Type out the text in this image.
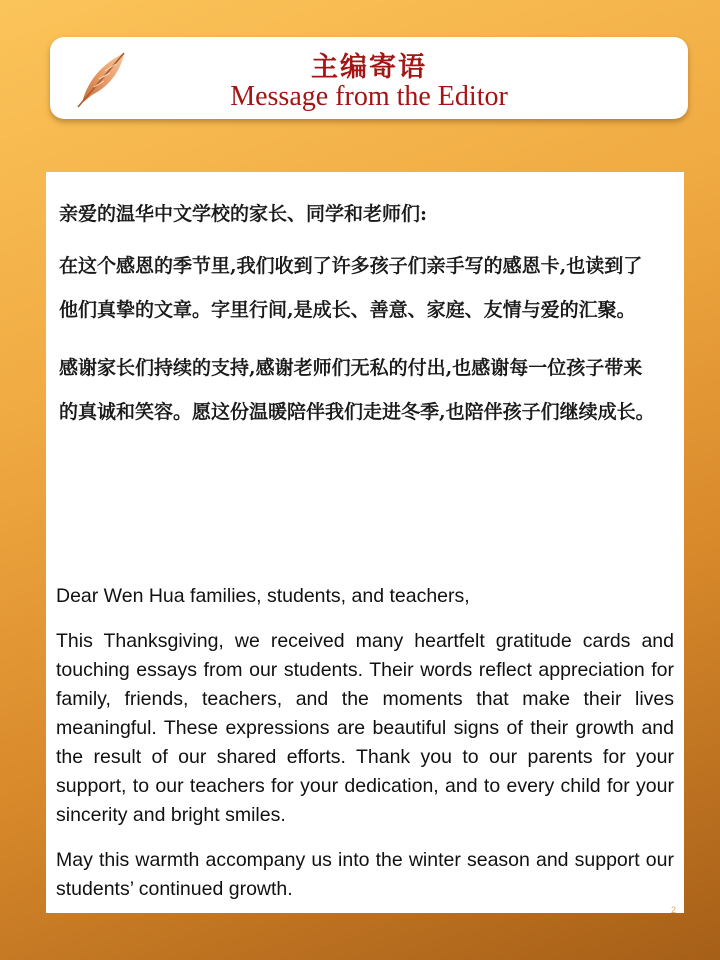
主编寄语
Message from the Editor

亲爱的温华中文学校的家长、同学和老师们:

在这个感恩的季节里,我们收到了许多孩子们亲手写的感恩卡,也读到了他们真挚的文章。字里行间,是成长、善意、家庭、友情与爱的汇聚。

感谢家长们持续的支持,感谢老师们无私的付出,也感谢每一位孩子带来的真诚和笑容。愿这份温暖陪伴我们走进冬季,也陪伴孩子们继续成长。

Dear Wen Hua families, students, and teachers,

This Thanksgiving, we received many heartfelt gratitude cards and touching essays from our students. Their words reflect appreciation for family, friends, teachers, and the moments that make their lives meaningful. These expressions are beautiful signs of their growth and the result of our shared efforts. Thank you to our parents for your support, to our teachers for your dedication, and to every child for your sincerity and bright smiles.

May this warmth accompany us into the winter season and support our students’ continued growth.

2
